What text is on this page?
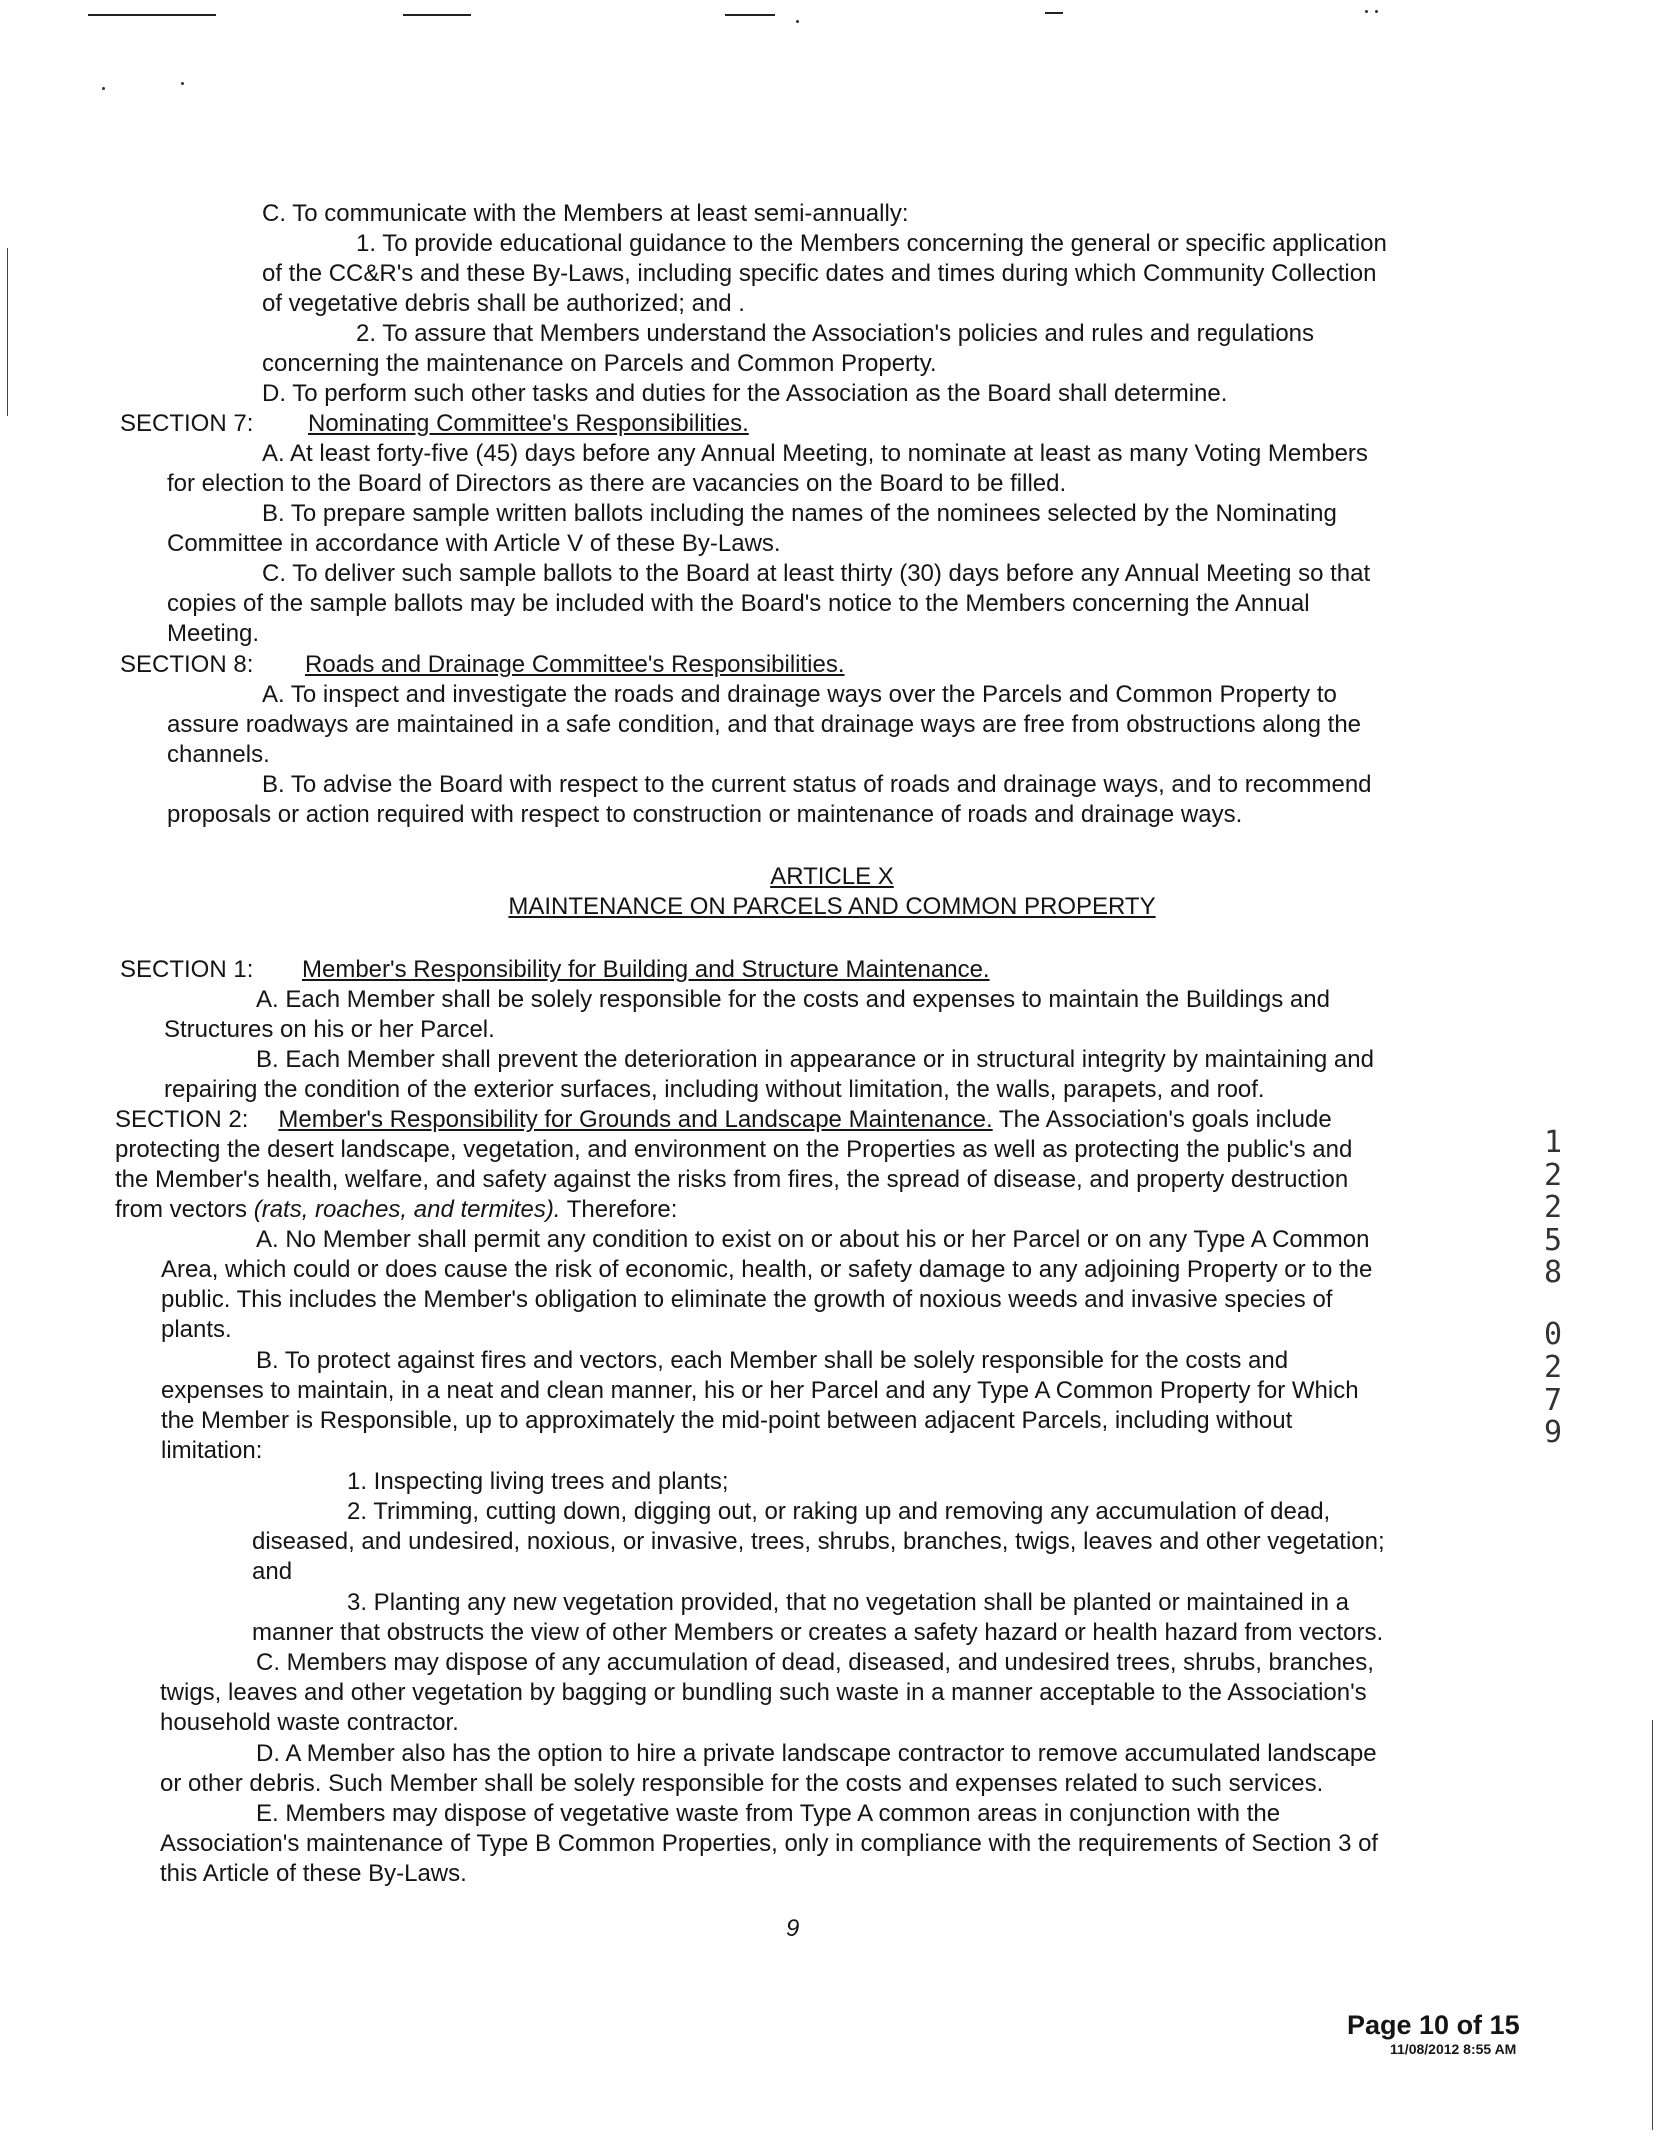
C. To communicate with the Members at least semi-annually:
1. To provide educational guidance to the Members concerning the general or specific application
of the CC&R's and these By-Laws, including specific dates and times during which Community Collection
of vegetative debris shall be authorized; and .
2. To assure that Members understand the Association's policies and rules and regulations
concerning the maintenance on Parcels and Common Property.
D. To perform such other tasks and duties for the Association as the Board shall determine.
SECTION 7: Nominating Committee's Responsibilities.
A. At least forty-five (45) days before any Annual Meeting, to nominate at least as many Voting Members
for election to the Board of Directors as there are vacancies on the Board to be filled.
B. To prepare sample written ballots including the names of the nominees selected by the Nominating
Committee in accordance with Article V of these By-Laws.
C. To deliver such sample ballots to the Board at least thirty (30) days before any Annual Meeting so that
copies of the sample ballots may be included with the Board's notice to the Members concerning the Annual
Meeting.
SECTION 8: Roads and Drainage Committee's Responsibilities.
A. To inspect and investigate the roads and drainage ways over the Parcels and Common Property to
assure roadways are maintained in a safe condition, and that drainage ways are free from obstructions along the
channels.
B. To advise the Board with respect to the current status of roads and drainage ways, and to recommend
proposals or action required with respect to construction or maintenance of roads and drainage ways.
ARTICLE X
MAINTENANCE ON PARCELS AND COMMON PROPERTY
SECTION 1: Member's Responsibility for Building and Structure Maintenance.
A. Each Member shall be solely responsible for the costs and expenses to maintain the Buildings and
Structures on his or her Parcel.
B. Each Member shall prevent the deterioration in appearance or in structural integrity by maintaining and
repairing the condition of the exterior surfaces, including without limitation, the walls, parapets, and roof.
SECTION 2: Member's Responsibility for Grounds and Landscape Maintenance. The Association's goals include
protecting the desert landscape, vegetation, and environment on the Properties as well as protecting the public's and
the Member's health, welfare, and safety against the risks from fires, the spread of disease, and property destruction
from vectors (rats, roaches, and termites). Therefore:
A. No Member shall permit any condition to exist on or about his or her Parcel or on any Type A Common
Area, which could or does cause the risk of economic, health, or safety damage to any adjoining Property or to the
public. This includes the Member's obligation to eliminate the growth of noxious weeds and invasive species of
plants.
B. To protect against fires and vectors, each Member shall be solely responsible for the costs and
expenses to maintain, in a neat and clean manner, his or her Parcel and any Type A Common Property for Which
the Member is Responsible, up to approximately the mid-point between adjacent Parcels, including without
limitation:
1. Inspecting living trees and plants;
2. Trimming, cutting down, digging out, or raking up and removing any accumulation of dead,
diseased, and undesired, noxious, or invasive, trees, shrubs, branches, twigs, leaves and other vegetation;
and
3. Planting any new vegetation provided, that no vegetation shall be planted or maintained in a
manner that obstructs the view of other Members or creates a safety hazard or health hazard from vectors.
C. Members may dispose of any accumulation of dead, diseased, and undesired trees, shrubs, branches,
twigs, leaves and other vegetation by bagging or bundling such waste in a manner acceptable to the Association's
household waste contractor.
D. A Member also has the option to hire a private landscape contractor to remove accumulated landscape
or other debris. Such Member shall be solely responsible for the costs and expenses related to such services.
E. Members may dispose of vegetative waste from Type A common areas in conjunction with the
Association's maintenance of Type B Common Properties, only in compliance with the requirements of Section 3 of
this Article of these By-Laws.
9
Page 10 of 15
11/08/2012 8:55 AM
1
2
2
5
8
0
2
7
9
